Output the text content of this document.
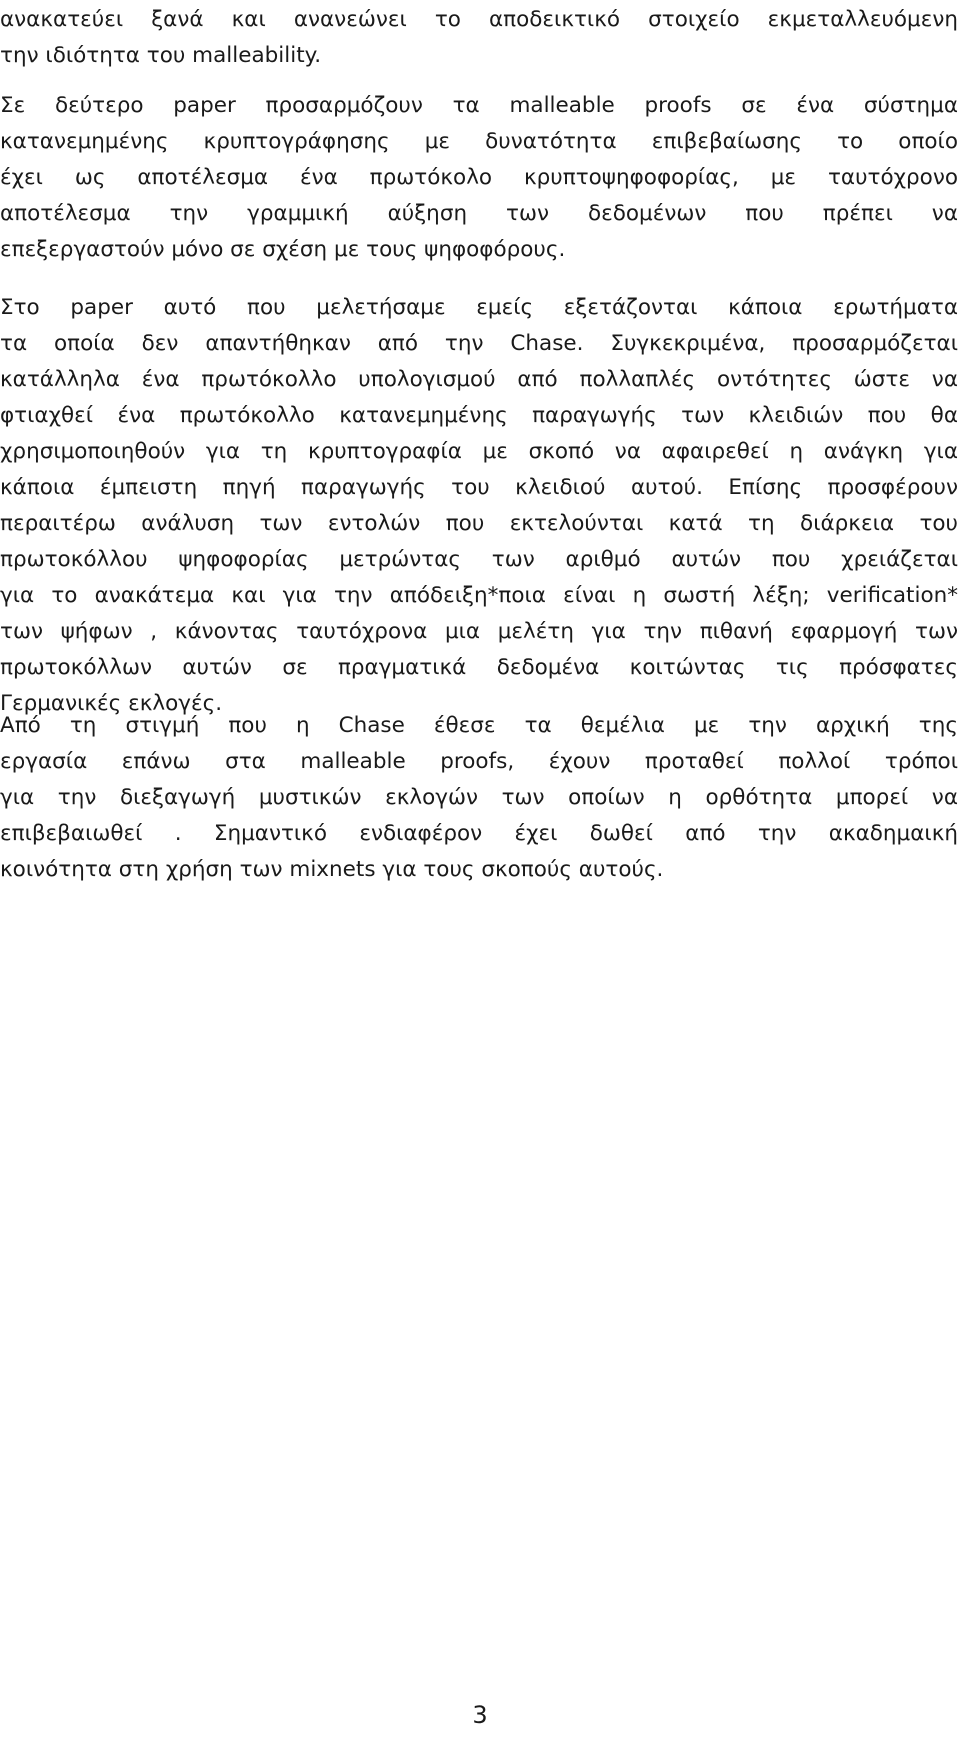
ανακατεύει ξανά και ανανεώνει το αποδεικτικό στοιχείο εκμεταλλευόμενη
την ιδιότητα του malleability.
Σε δεύτερο paper προσαρμόζουν τα malleable proofs σε ένα σύστημα
κατανεμημένης κρυπτογράφησης με δυνατότητα επιβεβαίωσης το οποίο
έχει ως αποτέλεσμα ένα πρωτόκολο κρυπτοψηφοφορίας, με ταυτόχρονο
αποτέλεσμα την γραμμική αύξηση των δεδομένων που πρέπει να
επεξεργαστούν μόνο σε σχέση με τους ψηφοφόρους.
Στο paper αυτό που μελετήσαμε εμείς εξετάζονται κάποια ερωτήματα
τα οποία δεν απαντήθηκαν από την Chase. Συγκεκριμένα, προσαρμόζεται
κατάλληλα ένα πρωτόκολλο υπολογισμού από πολλαπλές οντότητες ώστε να
φτιαχθεί ένα πρωτόκολλο κατανεμημένης παραγωγής των κλειδιών που θα
χρησιμοποιηθούν για τη κρυπτογραφία με σκοπό να αφαιρεθεί η ανάγκη για
κάποια έμπειστη πηγή παραγωγής του κλειδιού αυτού. Επίσης προσφέρουν
περαιτέρω ανάλυση των εντολών που εκτελούνται κατά τη διάρκεια του
πρωτοκόλλου ψηφοφορίας μετρώντας των αριθμό αυτών που χρειάζεται
για το ανακάτεμα και για την απόδειξη*ποια είναι η σωστή λέξη; verification*
των ψήφων , κάνοντας ταυτόχρονα μια μελέτη για την πιθανή εφαρμογή των
πρωτοκόλλων αυτών σε πραγματικά δεδομένα κοιτώντας τις πρόσφατες
Γερμανικές εκλογές.
Από τη στιγμή που η Chase έθεσε τα θεμέλια με την αρχική της
εργασία επάνω στα malleable proofs, έχουν προταθεί πολλοί τρόποι
για την διεξαγωγή μυστικών εκλογών των οποίων η ορθότητα μπορεί να
επιβεβαιωθεί . Σημαντικό ενδιαφέρον έχει δωθεί από την ακαδημαική
κοινότητα στη χρήση των mixnets για τους σκοπούς αυτούς.
3
